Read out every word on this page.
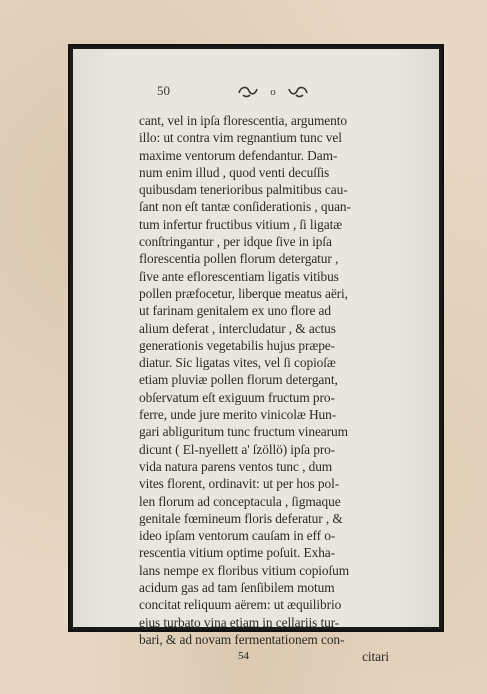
50	o
cant, vel in ipſa florescentia, argumento
illo: ut contra vim regnantium tunc vel
maxime ventorum defendantur. Dam-
num enim illud , quod venti decuſſis
quibusdam tenerioribus palmitibus cau-
ſant non eſt tantæ conſiderationis , quan-
tum infertur fructibus vitium , ſi ligatæ
conſtringantur , per idque ſive in ipſa
florescentia pollen florum detergatur ,
ſive ante eflorescentiam ligatis vitibus
pollen præfocetur, liberque meatus aëri,
ut farinam genitalem ex uno flore ad
alium deferat , intercludatur , & actus
generationis vegetabilis hujus præpe-
diatur. Sic ligatas vites, vel ſi copioſæ
etiam pluviæ pollen florum detergant,
obſervatum eſt exiguum fructum pro-
ferre, unde jure merito vinicolæ Hun-
gari abliguritum tunc fructum vinearum
dicunt ( El-nyellett a' ſzöllö) ipſa pro-
vida natura parens ventos tunc , dum
vites florent, ordinavit: ut per hos pol-
len florum ad conceptacula , ſigmaque
genitale fœmineum floris deferatur , &
ideo ipſam ventorum cauſam in eff o-
rescentia vitium optime poſuit. Exha-
lans nempe ex floribus vitium copioſum
acidum gas ad tam ſenſibilem motum
concitat reliquum aërem: ut æquilibrio
ejus turbato vina etiam in cellariis tur-
bari, & ad novam fermentationem con-
citari
54
